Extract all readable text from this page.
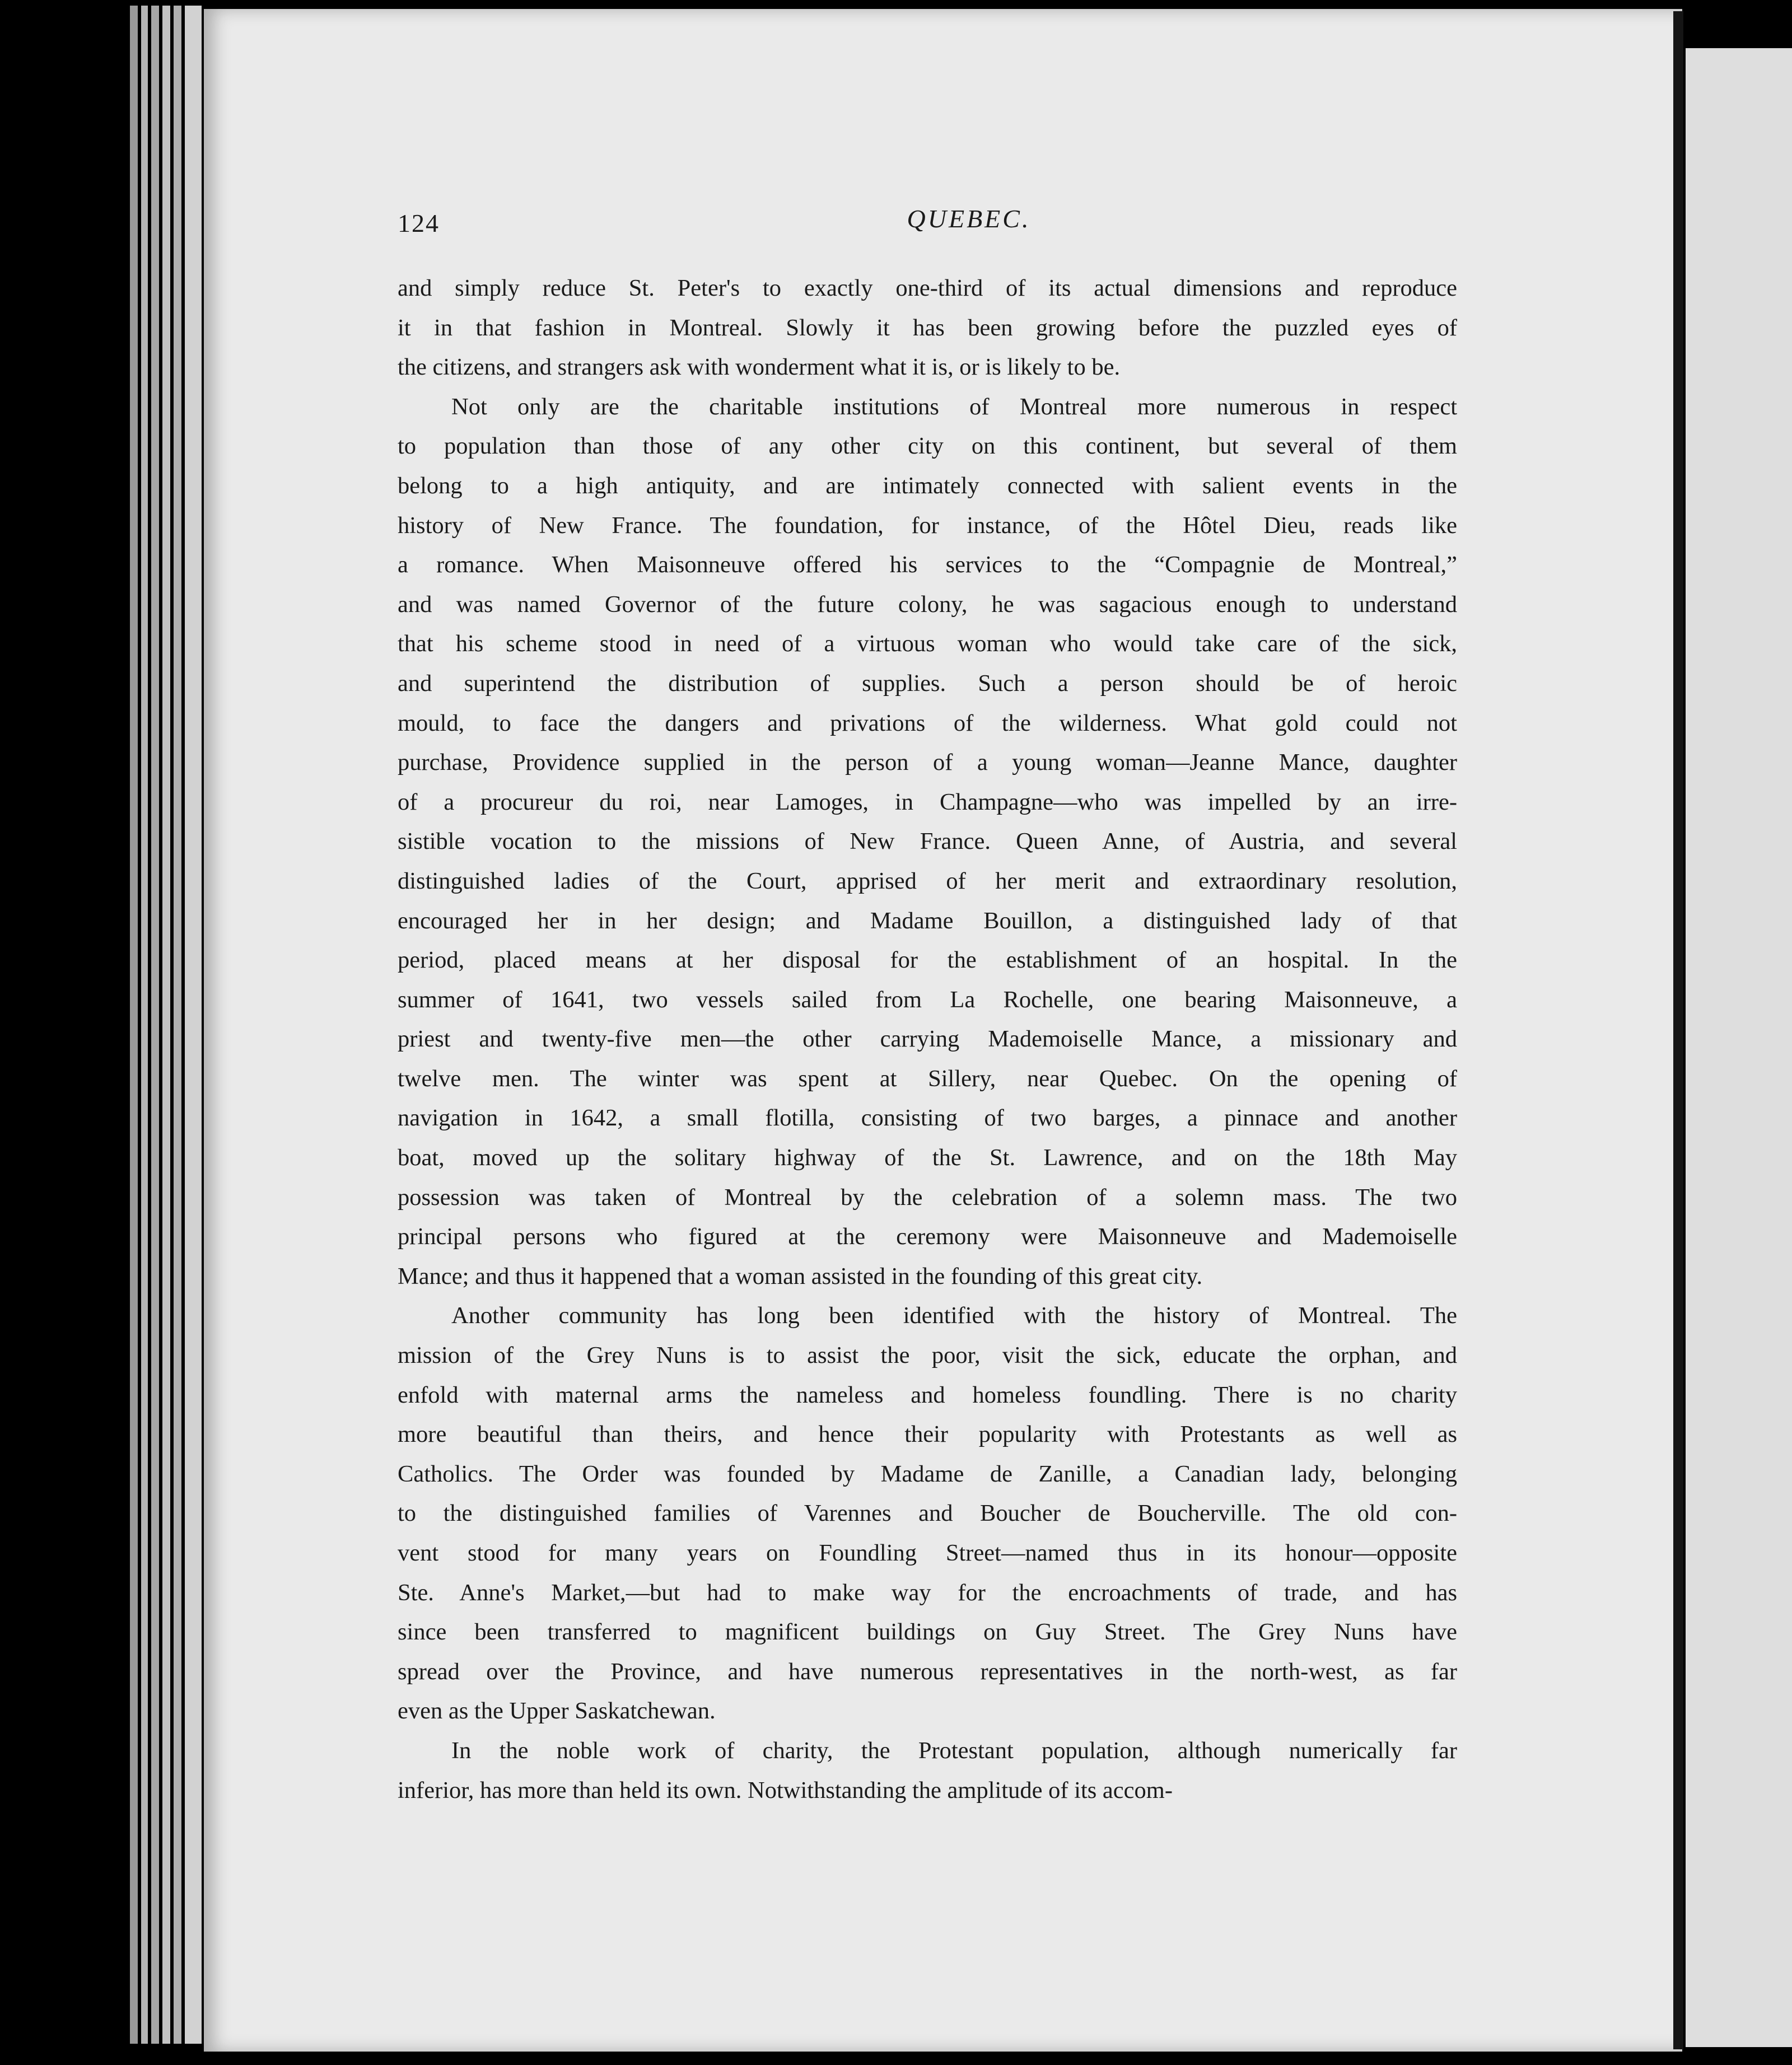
124	QUEBEC.
and simply reduce St. Peter's to exactly one-third of its actual dimensions and reproduce
it in that fashion in Montreal. Slowly it has been growing before the puzzled eyes of
the citizens, and strangers ask with wonderment what it is, or is likely to be.
Not only are the charitable institutions of Montreal more numerous in respect
to population than those of any other city on this continent, but several of them
belong to a high antiquity, and are intimately connected with salient events in the
history of New France. The foundation, for instance, of the Hôtel Dieu, reads like
a romance. When Maisonneuve offered his services to the “Compagnie de Montreal,”
and was named Governor of the future colony, he was sagacious enough to understand
that his scheme stood in need of a virtuous woman who would take care of the sick,
and superintend the distribution of supplies. Such a person should be of heroic
mould, to face the dangers and privations of the wilderness. What gold could not
purchase, Providence supplied in the person of a young woman—Jeanne Mance, daughter
of a procureur du roi, near Lamoges, in Champagne—who was impelled by an irre-
sistible vocation to the missions of New France. Queen Anne, of Austria, and several
distinguished ladies of the Court, apprised of her merit and extraordinary resolution,
encouraged her in her design; and Madame Bouillon, a distinguished lady of that
period, placed means at her disposal for the establishment of an hospital. In the
summer of 1641, two vessels sailed from La Rochelle, one bearing Maisonneuve, a
priest and twenty-five men—the other carrying Mademoiselle Mance, a missionary and
twelve men. The winter was spent at Sillery, near Quebec. On the opening of
navigation in 1642, a small flotilla, consisting of two barges, a pinnace and another
boat, moved up the solitary highway of the St. Lawrence, and on the 18th May
possession was taken of Montreal by the celebration of a solemn mass. The two
principal persons who figured at the ceremony were Maisonneuve and Mademoiselle
Mance; and thus it happened that a woman assisted in the founding of this great city.
Another community has long been identified with the history of Montreal. The
mission of the Grey Nuns is to assist the poor, visit the sick, educate the orphan, and
enfold with maternal arms the nameless and homeless foundling. There is no charity
more beautiful than theirs, and hence their popularity with Protestants as well as
Catholics. The Order was founded by Madame de Zanille, a Canadian lady, belonging
to the distinguished families of Varennes and Boucher de Boucherville. The old con-
vent stood for many years on Foundling Street—named thus in its honour—opposite
Ste. Anne's Market,—but had to make way for the encroachments of trade, and has
since been transferred to magnificent buildings on Guy Street. The Grey Nuns have
spread over the Province, and have numerous representatives in the north-west, as far
even as the Upper Saskatchewan.
In the noble work of charity, the Protestant population, although numerically far
inferior, has more than held its own. Notwithstanding the amplitude of its accom-
